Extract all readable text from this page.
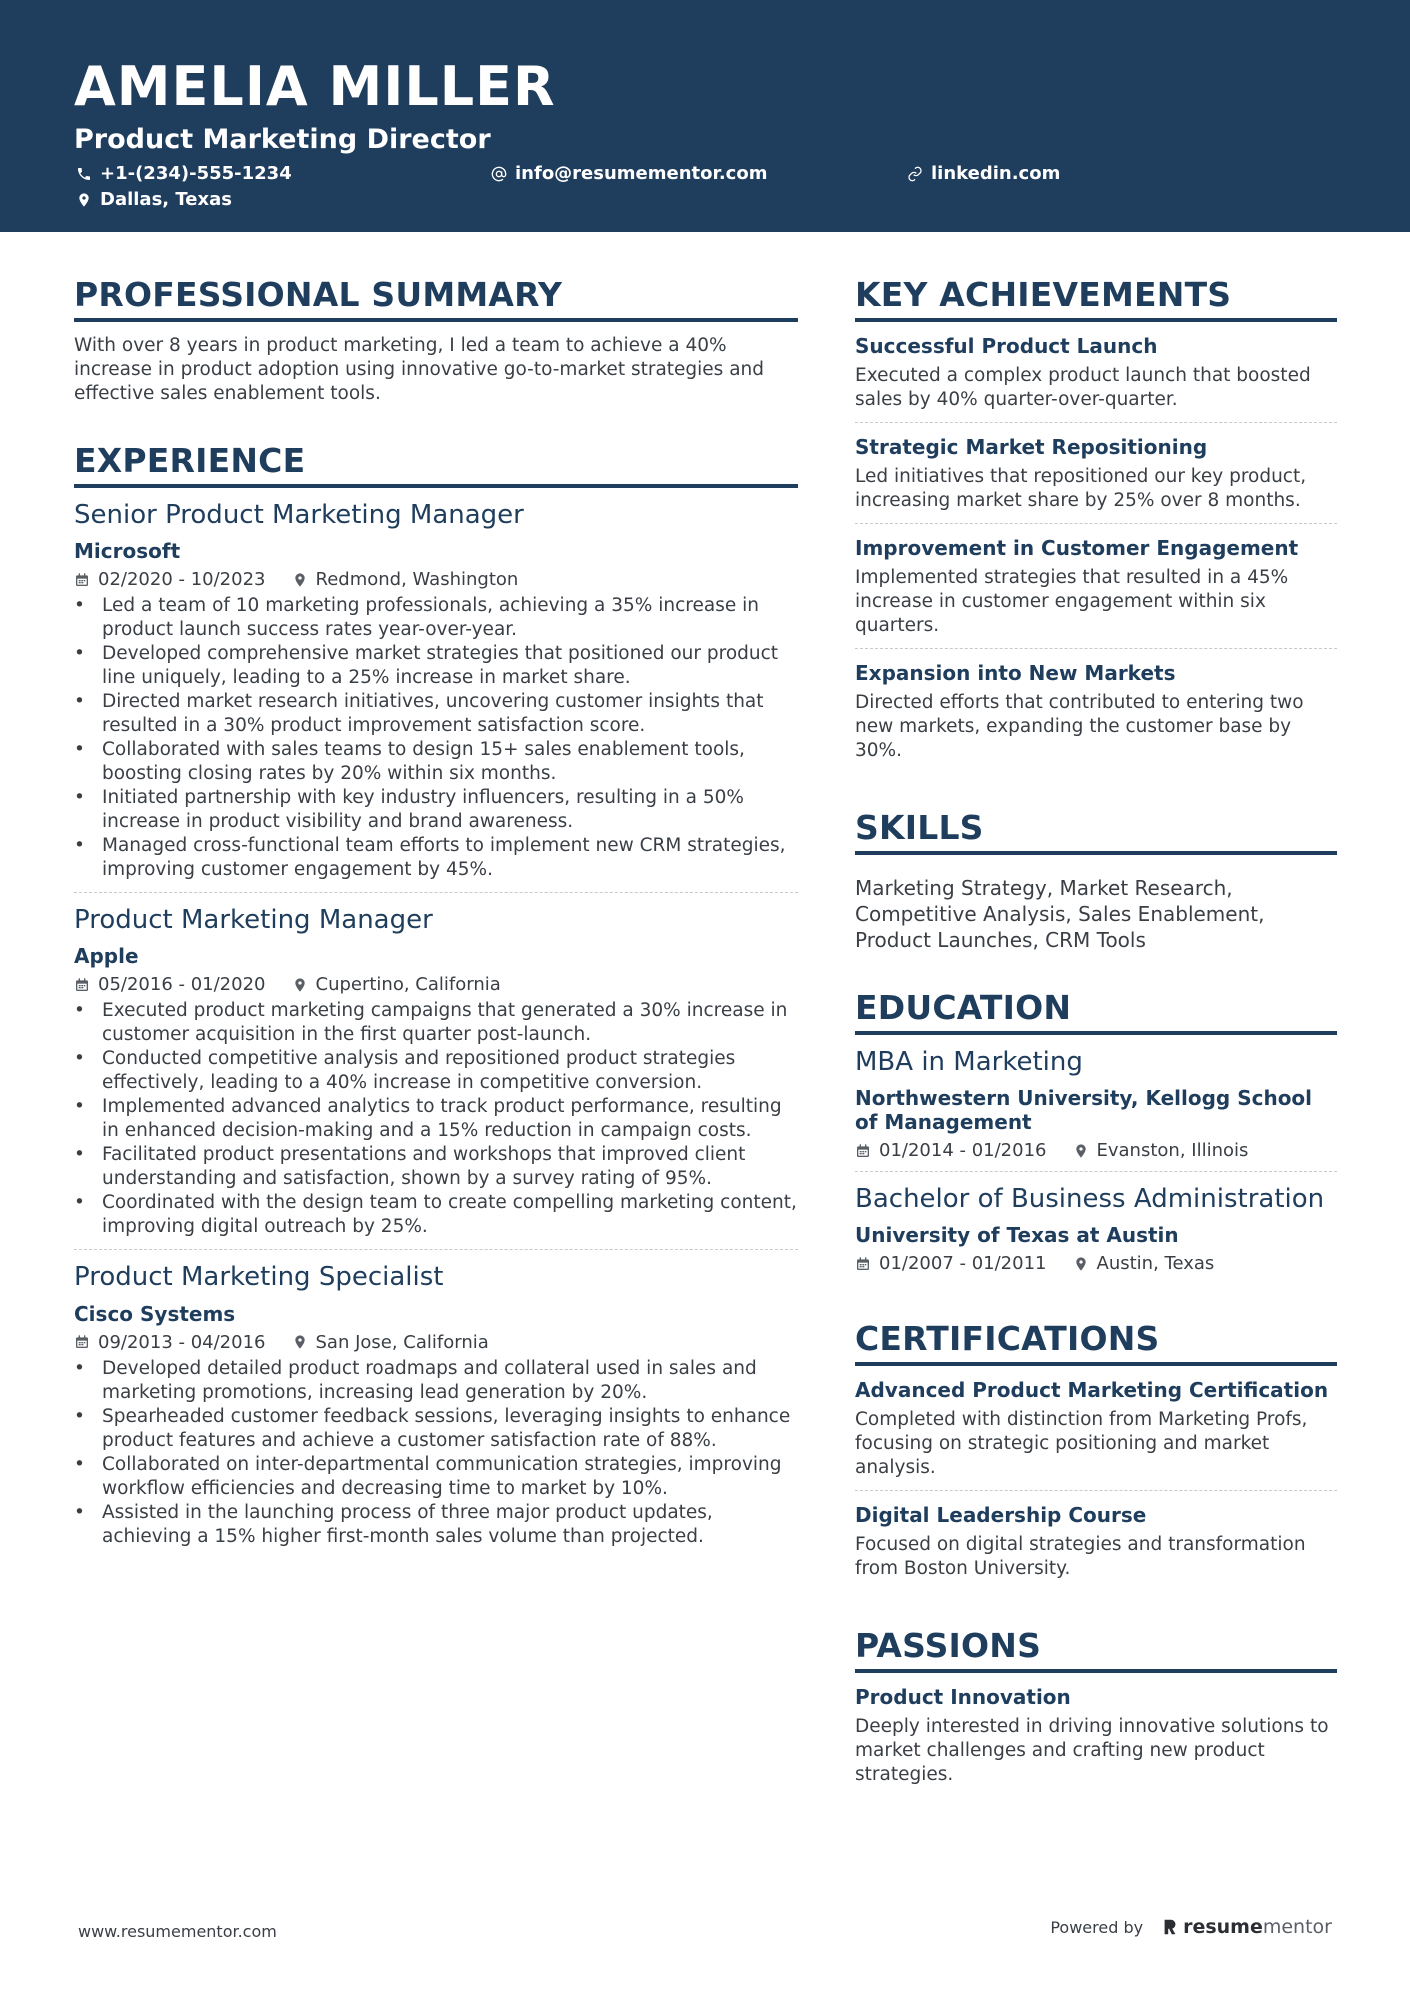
AMELIA MILLER
Product Marketing Director
+1-(234)-555-1234	info@resumementor.com	linkedin.com
Dallas, Texas
PROFESSIONAL SUMMARY
With over 8 years in product marketing, I led a team to achieve a 40% increase in product adoption using innovative go-to-market strategies and effective sales enablement tools.
EXPERIENCE
Senior Product Marketing Manager
Microsoft
02/2020 - 10/2023	Redmond, Washington
• Led a team of 10 marketing professionals, achieving a 35% increase in product launch success rates year-over-year.
• Developed comprehensive market strategies that positioned our product line uniquely, leading to a 25% increase in market share.
• Directed market research initiatives, uncovering customer insights that resulted in a 30% product improvement satisfaction score.
• Collaborated with sales teams to design 15+ sales enablement tools, boosting closing rates by 20% within six months.
• Initiated partnership with key industry influencers, resulting in a 50% increase in product visibility and brand awareness.
• Managed cross-functional team efforts to implement new CRM strategies, improving customer engagement by 45%.
Product Marketing Manager
Apple
05/2016 - 01/2020	Cupertino, California
• Executed product marketing campaigns that generated a 30% increase in customer acquisition in the first quarter post-launch.
• Conducted competitive analysis and repositioned product strategies effectively, leading to a 40% increase in competitive conversion.
• Implemented advanced analytics to track product performance, resulting in enhanced decision-making and a 15% reduction in campaign costs.
• Facilitated product presentations and workshops that improved client understanding and satisfaction, shown by a survey rating of 95%.
• Coordinated with the design team to create compelling marketing content, improving digital outreach by 25%.
Product Marketing Specialist
Cisco Systems
09/2013 - 04/2016	San Jose, California
• Developed detailed product roadmaps and collateral used in sales and marketing promotions, increasing lead generation by 20%.
• Spearheaded customer feedback sessions, leveraging insights to enhance product features and achieve a customer satisfaction rate of 88%.
• Collaborated on inter-departmental communication strategies, improving workflow efficiencies and decreasing time to market by 10%.
• Assisted in the launching process of three major product updates, achieving a 15% higher first-month sales volume than projected.
KEY ACHIEVEMENTS
Successful Product Launch
Executed a complex product launch that boosted sales by 40% quarter-over-quarter.
Strategic Market Repositioning
Led initiatives that repositioned our key product, increasing market share by 25% over 8 months.
Improvement in Customer Engagement
Implemented strategies that resulted in a 45% increase in customer engagement within six quarters.
Expansion into New Markets
Directed efforts that contributed to entering two new markets, expanding the customer base by 30%.
SKILLS
Marketing Strategy, Market Research, Competitive Analysis, Sales Enablement, Product Launches, CRM Tools
EDUCATION
MBA in Marketing
Northwestern University, Kellogg School of Management
01/2014 - 01/2016	Evanston, Illinois
Bachelor of Business Administration
University of Texas at Austin
01/2007 - 01/2011	Austin, Texas
CERTIFICATIONS
Advanced Product Marketing Certification
Completed with distinction from Marketing Profs, focusing on strategic positioning and market analysis.
Digital Leadership Course
Focused on digital strategies and transformation from Boston University.
PASSIONS
Product Innovation
Deeply interested in driving innovative solutions to market challenges and crafting new product strategies.
www.resumementor.com	Powered by resume mentor
